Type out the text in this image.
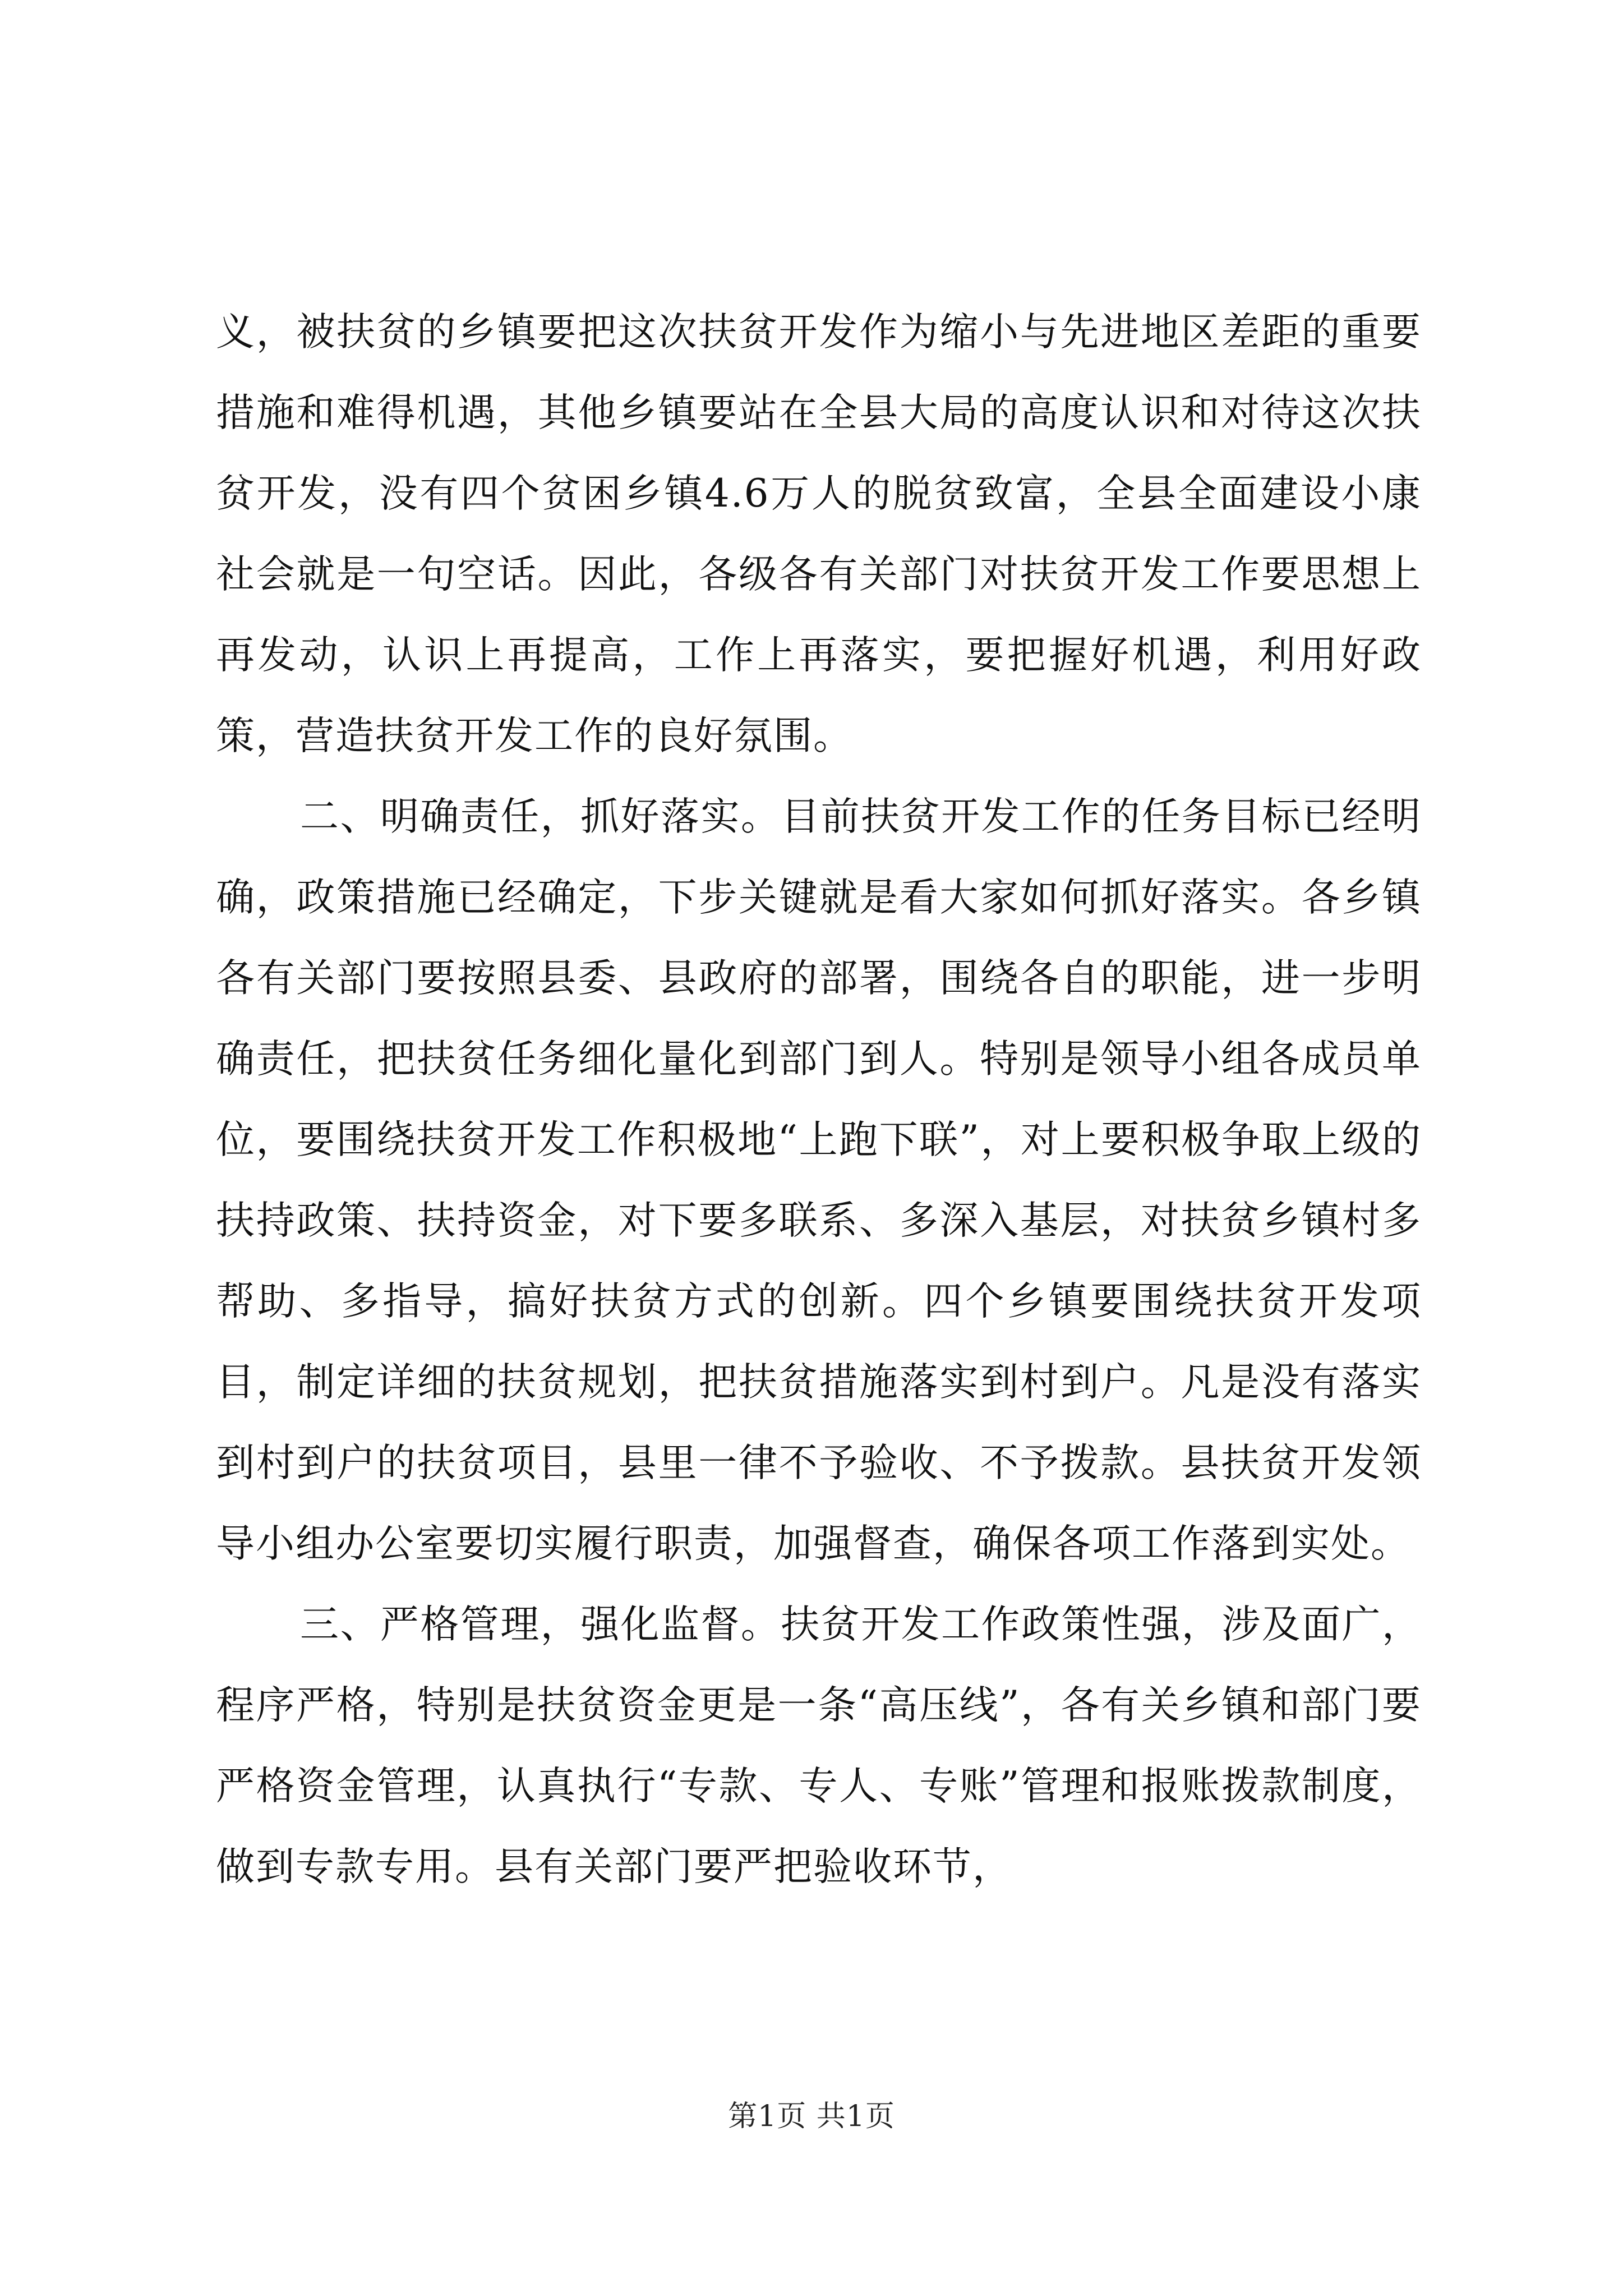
义，被扶贫的乡镇要把这次扶贫开发作为缩小与先进地区差距的重要措施和难得机遇，其他乡镇要站在全县大局的高度认识和对待这次扶贫开发，没有四个贫困乡镇4.6万人的脱贫致富，全县全面建设小康社会就是一句空话。因此，各级各有关部门对扶贫开发工作要思想上再发动，认识上再提高，工作上再落实，要把握好机遇，利用好政策，营造扶贫开发工作的良好氛围。

二、明确责任，抓好落实。目前扶贫开发工作的任务目标已经明确，政策措施已经确定，下步关键就是看大家如何抓好落实。各乡镇各有关部门要按照县委、县政府的部署，围绕各自的职能，进一步明确责任，把扶贫任务细化量化到部门到人。特别是领导小组各成员单位，要围绕扶贫开发工作积极地“上跑下联”，对上要积极争取上级的扶持政策、扶持资金，对下要多联系、多深入基层，对扶贫乡镇村多帮助、多指导，搞好扶贫方式的创新。四个乡镇要围绕扶贫开发项目，制定详细的扶贫规划，把扶贫措施落实到村到户。凡是没有落实到村到户的扶贫项目，县里一律不予验收、不予拨款。县扶贫开发领导小组办公室要切实履行职责，加强督查，确保各项工作落到实处。

三、严格管理，强化监督。扶贫开发工作政策性强，涉及面广，程序严格，特别是扶贫资金更是一条“高压线”，各有关乡镇和部门要严格资金管理，认真执行“专款、专人、专账”管理和报账拨款制度，做到专款专用。县有关部门要严把验收环节，

第1页 共1页
